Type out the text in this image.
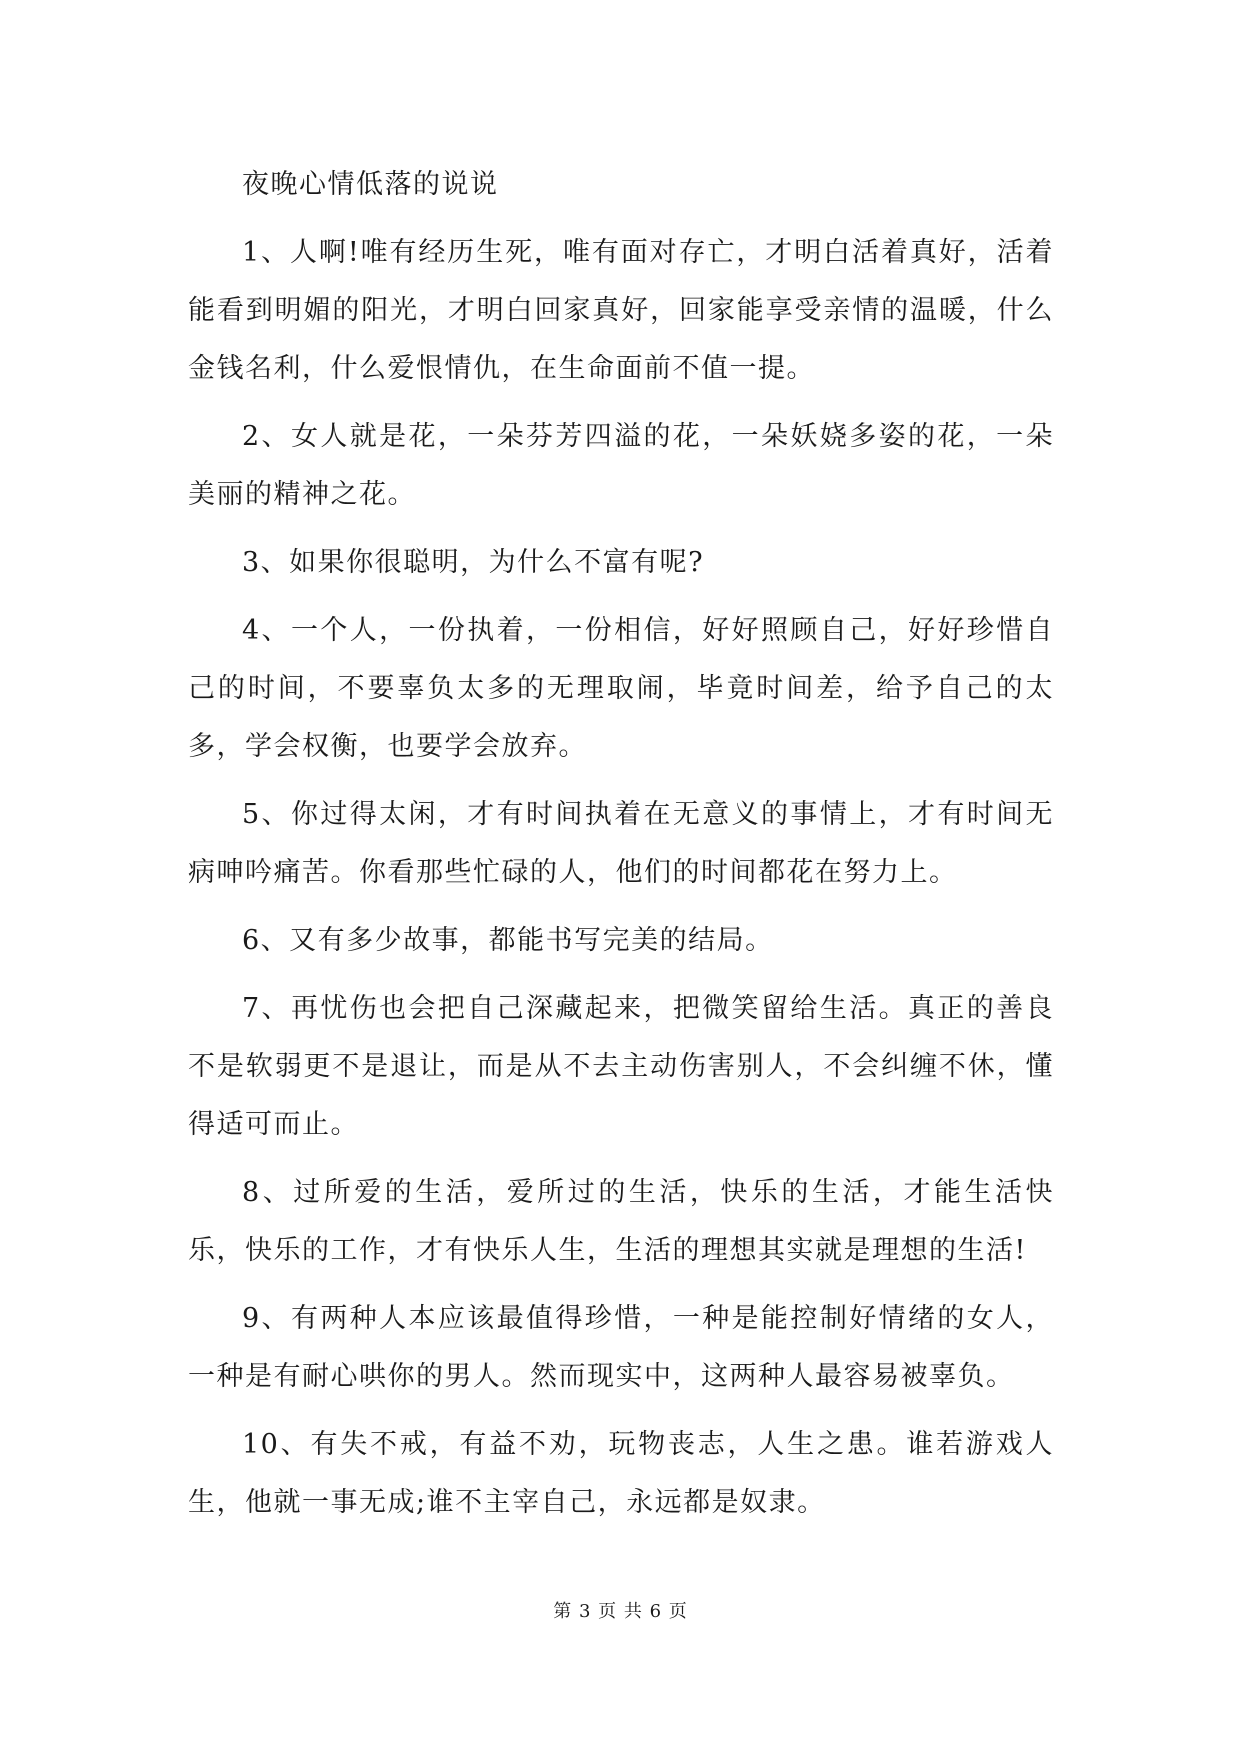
夜晚心情低落的说说

1、人啊!唯有经历生死，唯有面对存亡，才明白活着真好，活着能看到明媚的阳光，才明白回家真好，回家能享受亲情的温暖，什么金钱名利，什么爱恨情仇，在生命面前不值一提。

2、女人就是花，一朵芬芳四溢的花，一朵妖娆多姿的花，一朵美丽的精神之花。

3、如果你很聪明，为什么不富有呢?

4、一个人，一份执着，一份相信，好好照顾自己，好好珍惜自己的时间，不要辜负太多的无理取闹，毕竟时间差，给予自己的太多，学会权衡，也要学会放弃。

5、你过得太闲，才有时间执着在无意义的事情上，才有时间无病呻吟痛苦。你看那些忙碌的人，他们的时间都花在努力上。

6、又有多少故事，都能书写完美的结局。

7、再忧伤也会把自己深藏起来，把微笑留给生活。真正的善良不是软弱更不是退让，而是从不去主动伤害别人，不会纠缠不休，懂得适可而止。

8、过所爱的生活，爱所过的生活，快乐的生活，才能生活快乐，快乐的工作，才有快乐人生，生活的理想其实就是理想的生活!

9、有两种人本应该最值得珍惜，一种是能控制好情绪的女人，一种是有耐心哄你的男人。然而现实中，这两种人最容易被辜负。

10、有失不戒，有益不劝，玩物丧志，人生之患。谁若游戏人生，他就一事无成;谁不主宰自己，永远都是奴隶。

第 3 页 共 6 页
